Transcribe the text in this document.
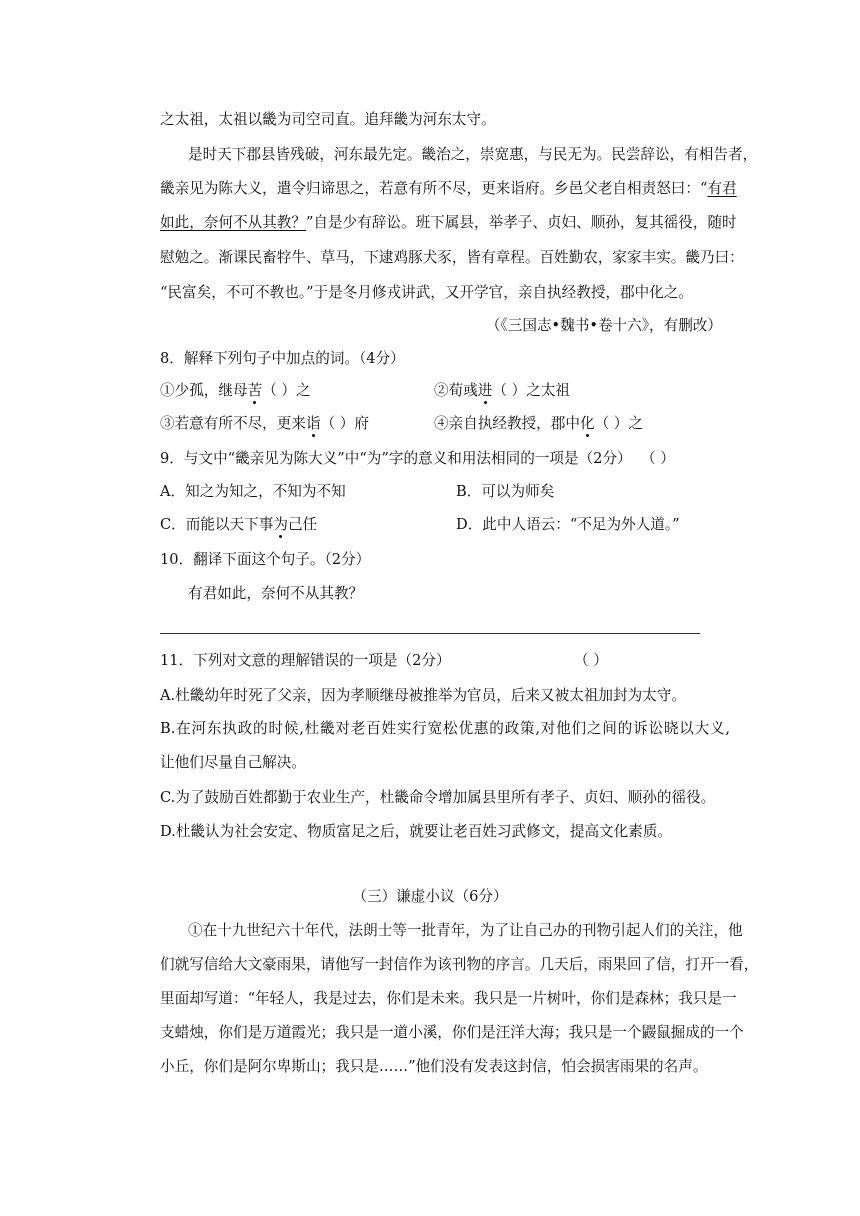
之太祖，太祖以畿为司空司直。追拜畿为河东太守。
是时天下郡县皆残破，河东最先定。畿治之，崇宽惠，与民无为。民尝辞讼，有相告者，
畿亲见为陈大义，遣令归谛思之，若意有所不尽，更来诣府。乡邑父老自相责怒曰：“有君
如此，奈何不从其教？”自是少有辞讼。班下属县，举孝子、贞妇、顺孙，复其徭役，随时
慰勉之。渐课民畜牸牛、草马，下逮鸡豚犬豕，皆有章程。百姓勤农，家家丰实。畿乃曰：
“民富矣，不可不教也。”于是冬月修戎讲武，又开学官，亲自执经教授，郡中化之。
（《三国志•魏书•卷十六》，有删改）
8．解释下列句子中加点的词。（4分）
①少孤，继母苦（ ）之	②荀彧进（ ）之太祖
③若意有所不尽，更来诣（ ）府	④亲自执经教授，郡中化（ ）之
9．与文中“畿亲见为陈大义”中“为”字的意义和用法相同的一项是（2分） （ ）
A．知之为知之，不知为不知	B．可以为师矣
C．而能以天下事为己任	D．此中人语云：“不足为外人道。”
10．翻译下面这个句子。（2分）
有君如此，奈何不从其教？
11．下列对文意的理解错误的一项是（2分）	（ ）
A.杜畿幼年时死了父亲，因为孝顺继母被推举为官员，后来又被太祖加封为太守。
B.在河东执政的时候,杜畿对老百姓实行宽松优惠的政策,对他们之间的诉讼晓以大义,
让他们尽量自己解决。
C.为了鼓励百姓都勤于农业生产，杜畿命令增加属县里所有孝子、贞妇、顺孙的徭役。
D.杜畿认为社会安定、物质富足之后，就要让老百姓习武修文，提高文化素质。
（三）谦虚小议（6分）
①在十九世纪六十年代，法朗士等一批青年，为了让自己办的刊物引起人们的关注，他
们就写信给大文豪雨果，请他写一封信作为该刊物的序言。几天后，雨果回了信，打开一看，
里面却写道：“年轻人，我是过去，你们是未来。我只是一片树叶，你们是森林；我只是一
支蜡烛，你们是万道霞光；我只是一道小溪，你们是汪洋大海；我只是一个鼹鼠掘成的一个
小丘，你们是阿尔卑斯山；我只是……”他们没有发表这封信，怕会损害雨果的名声。
